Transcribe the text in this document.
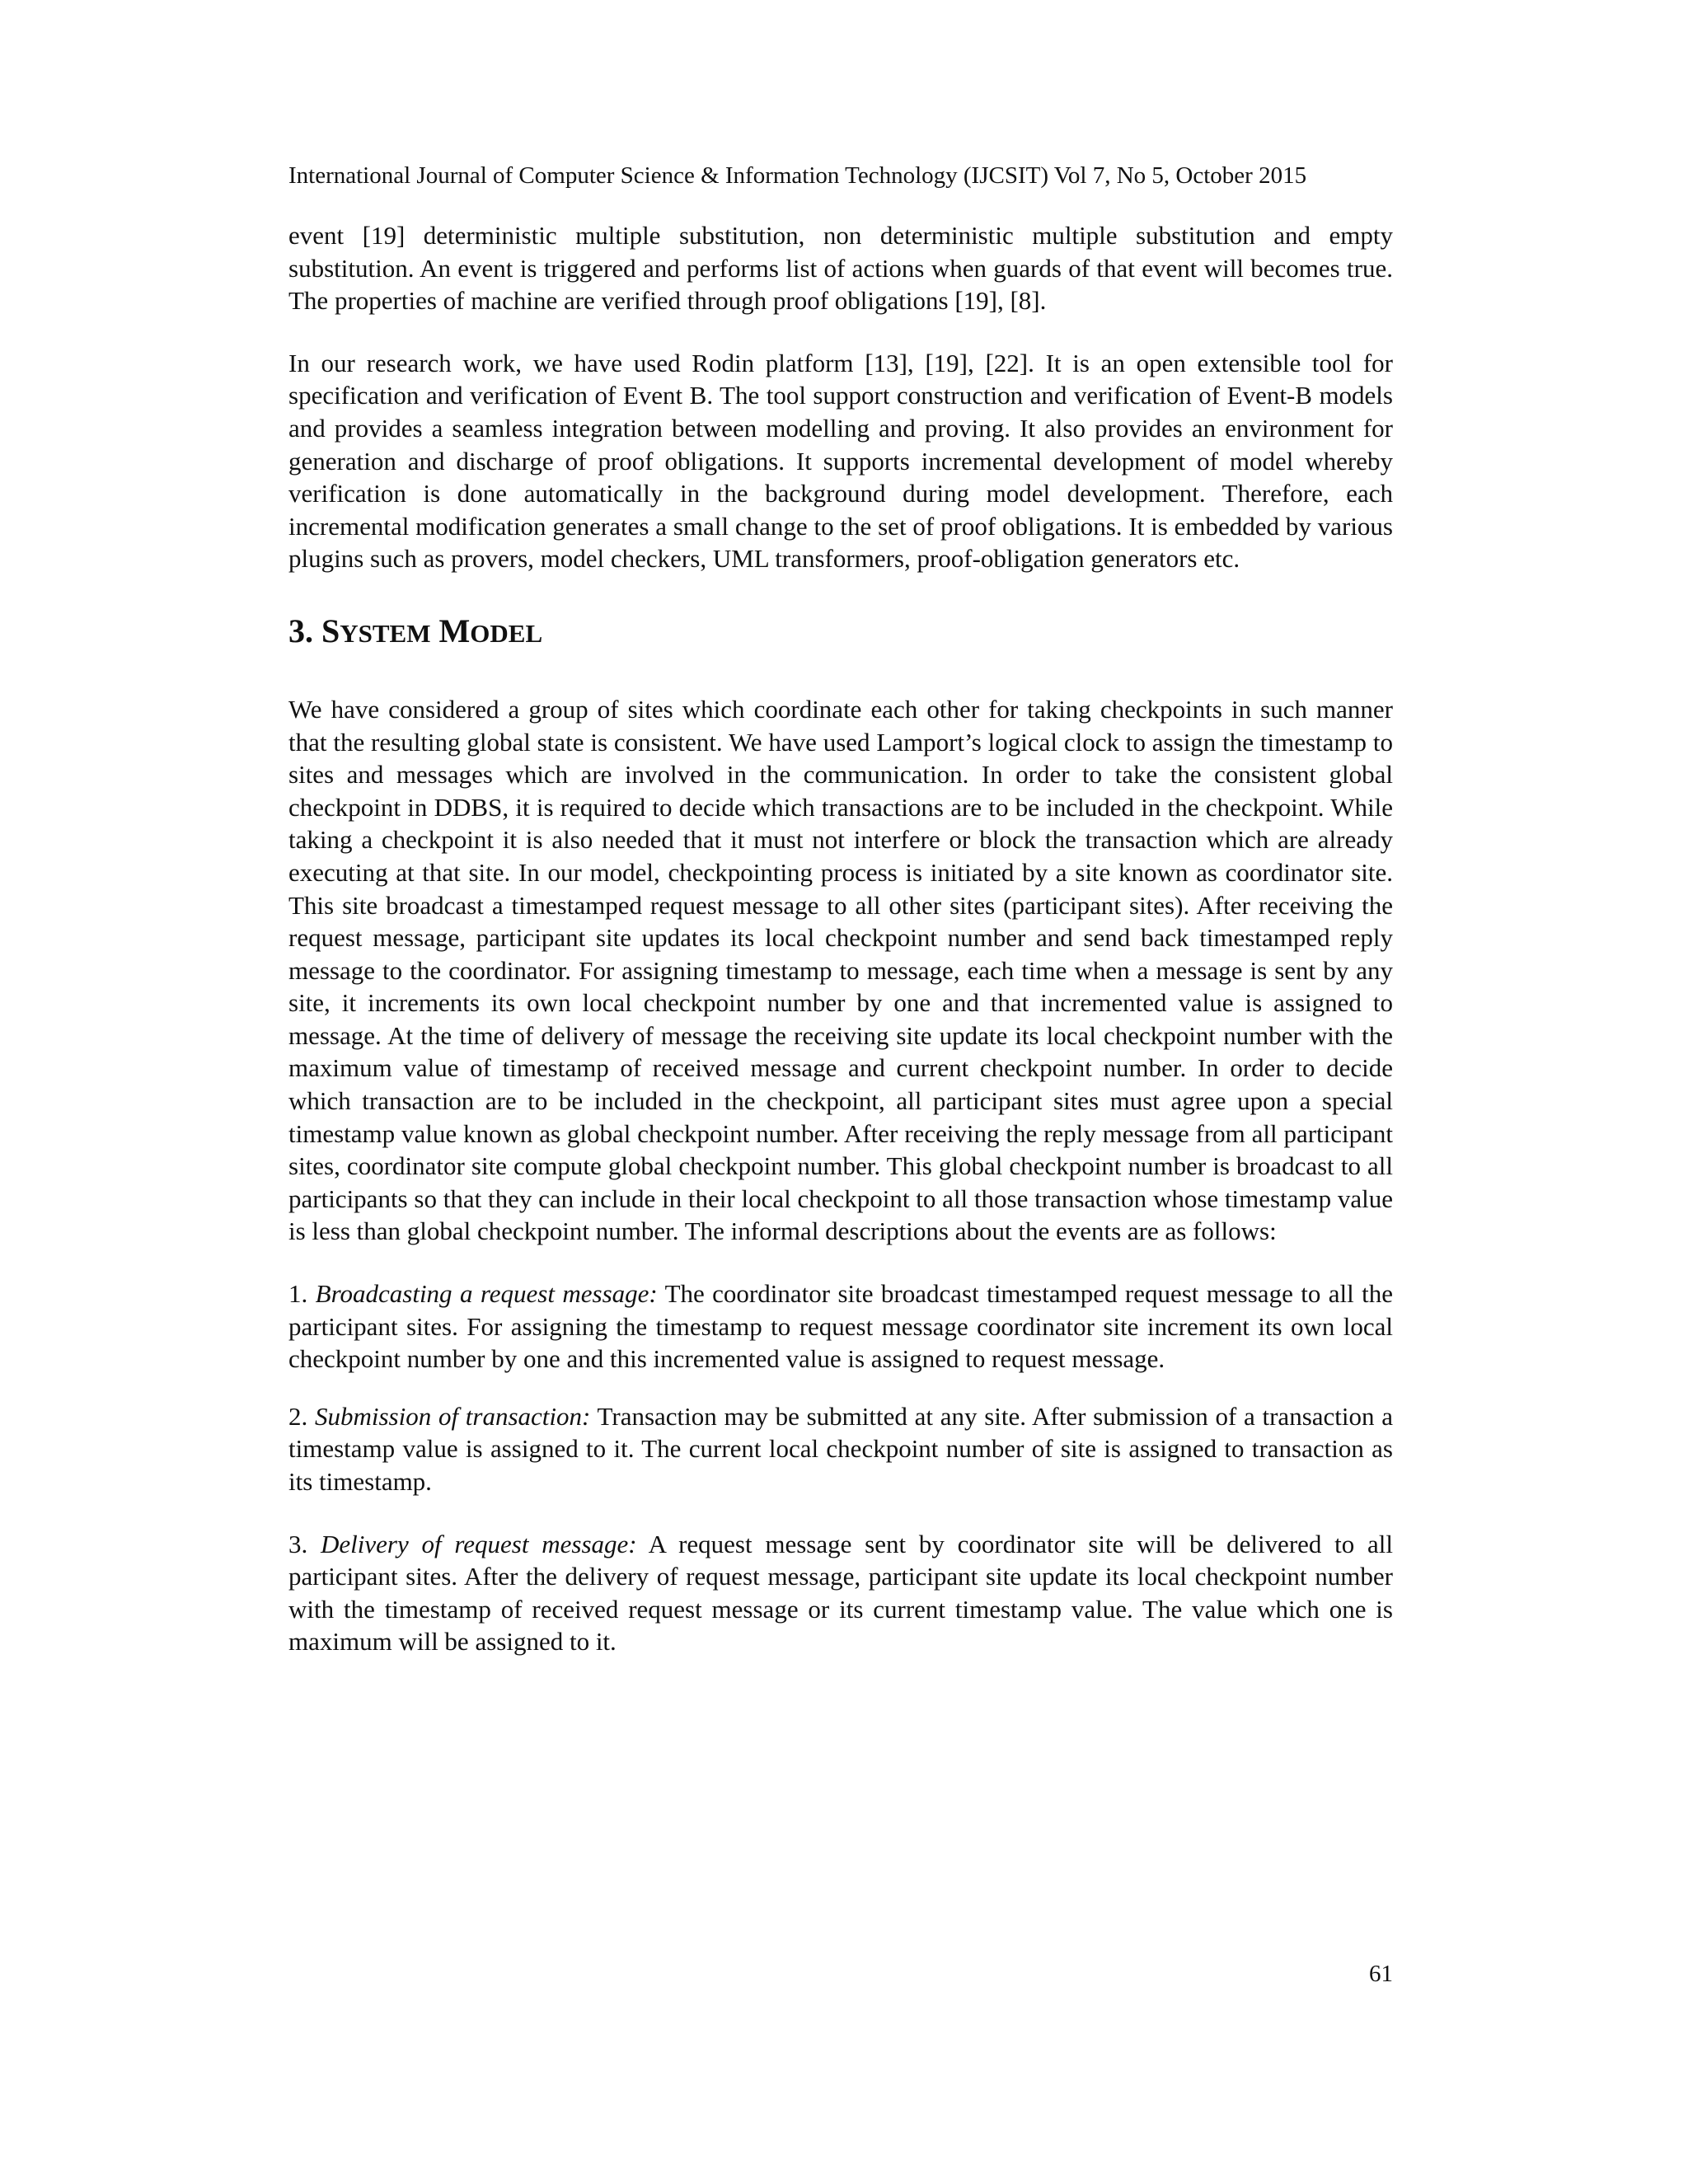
International Journal of Computer Science & Information Technology (IJCSIT) Vol 7, No 5, October 2015

event [19] deterministic multiple substitution, non deterministic multiple substitution and empty substitution. An event is triggered and performs list of actions when guards of that event will becomes true. The properties of machine are verified through proof obligations [19], [8].

In our research work, we have used Rodin platform [13], [19], [22]. It is an open extensible tool for specification and verification of Event B. The tool support construction and verification of Event-B models and provides a seamless integration between modelling and proving. It also provides an environment for generation and discharge of proof obligations. It supports incremental development of model whereby verification is done automatically in the background during model development. Therefore, each incremental modification generates a small change to the set of proof obligations. It is embedded by various plugins such as provers, model checkers, UML transformers, proof-obligation generators etc.

3. SYSTEM MODEL

We have considered a group of sites which coordinate each other for taking checkpoints in such manner that the resulting global state is consistent. We have used Lamport’s logical clock to assign the timestamp to sites and messages which are involved in the communication. In order to take the consistent global checkpoint in DDBS, it is required to decide which transactions are to be included in the checkpoint. While taking a checkpoint it is also needed that it must not interfere or block the transaction which are already executing at that site. In our model, checkpointing process is initiated by a site known as coordinator site. This site broadcast a timestamped request message to all other sites (participant sites). After receiving the request message, participant site updates its local checkpoint number and send back timestamped reply message to the coordinator. For assigning timestamp to message, each time when a message is sent by any site, it increments its own local checkpoint number by one and that incremented value is assigned to message. At the time of delivery of message the receiving site update its local checkpoint number with the maximum value of timestamp of received message and current checkpoint number. In order to decide which transaction are to be included in the checkpoint, all participant sites must agree upon a special timestamp value known as global checkpoint number. After receiving the reply message from all participant sites, coordinator site compute global checkpoint number. This global checkpoint number is broadcast to all participants so that they can include in their local checkpoint to all those transaction whose timestamp value is less than global checkpoint number. The informal descriptions about the events are as follows:

1. Broadcasting a request message: The coordinator site broadcast timestamped request message to all the participant sites. For assigning the timestamp to request message coordinator site increment its own local checkpoint number by one and this incremented value is assigned to request message.

2. Submission of transaction: Transaction may be submitted at any site. After submission of a transaction a timestamp value is assigned to it. The current local checkpoint number of site is assigned to transaction as its timestamp.

3. Delivery of request message: A request message sent by coordinator site will be delivered to all participant sites. After the delivery of request message, participant site update its local checkpoint number with the timestamp of received request message or its current timestamp value. The value which one is maximum will be assigned to it.

61
